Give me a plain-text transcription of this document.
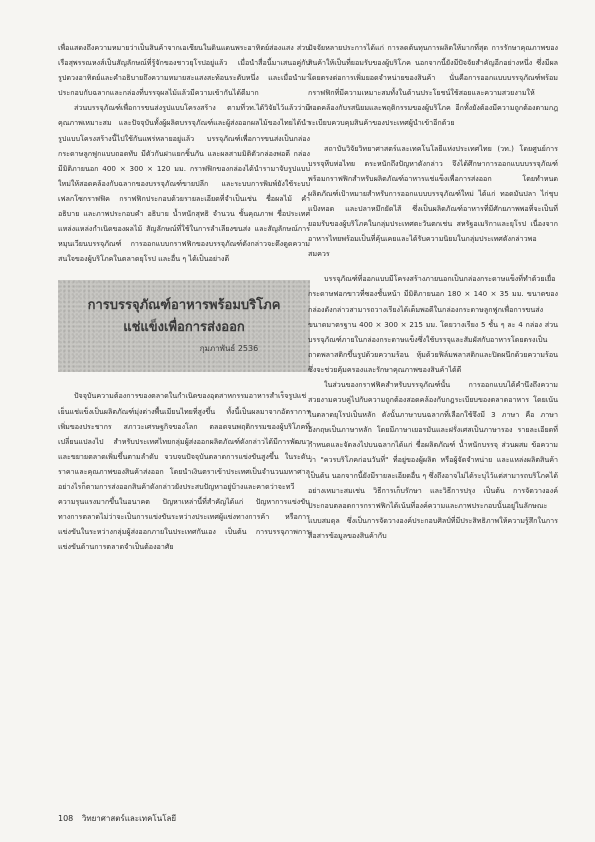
เพื่อแสดงถึงความหมายว่าเป็นสินค้าจากเอเชียนในดินแดนพระอาทิตย์ส่องแสง ส่วนเรือสุพรรณหงส์เป็นสัญลักษณ์ที่รู้จักของชาวยุโรปอยู่แล้ว เมื่อนำสื่อนี้มาเสนอคู่กับรูปดวงอาทิตย์และคำอธิบายถึงความหมายสะแสงสะท้อนระดับหนึ่ง และเมื่อนำมาประกอบกับฉลากและกล่องที่บรรจุผลไม้แล้วมีความเข้ากันได้ดีมาก

ส่วนบรรจุภัณฑ์เพื่อการขนส่งรูปแบบโครงสร้าง ตามที่วท.ได้วิจัยไว้แล้วว่ามีคุณภาพเหมาะสม และปัจจุบันทั้งผู้ผลิตบรรจุภัณฑ์และผู้ส่งออกผลไม้ของไทยได้นำรูปแบบโครงสร้างนี้ไปใช้กันแพร่หลายอยู่แล้ว บรรจุภัณฑ์เพื่อการขนส่งเป็นกล่องกระดาษลูกฟูกแบบถอดทับ มีตัวกันฝาแยกชิ้นกัน และผลสามมิติตัวกล่องพอดี กล่องมีมิติภายนอก 400 × 300 × 120 มม. กราฟฟิกของกล่องได้นำรามาจับรูปแบบใหม่ให้สอดคล้องกับฉลากของบรรจุภัณฑ์ขายปลีก และระบบการพิมพ์ยังใช้ระบบเฟลกโซกราฟฟิค กราฟฟิกประกอบด้วยรายละเอียดที่จำเป็นเช่น ชื่อผลไม้ คำอธิบาย และภาพประกอบคำ อธิบาย น้ำหนักสุทธิ จำนวน ชั้นคุณภาพ ชื่อประเทศแหล่งแหล่งกำเนิดของผลไม้ สัญลักษณ์ที่ใช้ในการลำเลียงขนส่ง และสัญลักษณ์การหมุนเวียนบรรจุภัณฑ์ การออกแบบกราฟฟิกของบรรจุภัณฑ์ดังกล่าวจะดึงดูดความสนใจของผู้บริโภคในตลาดยุโรป และอื่น ๆ ได้เป็นอย่างดี

การบรรจุภัณฑ์อาหารพร้อมบริโภค
แช่แข็งเพื่อการส่งออก
กุมภาพันธ์ 2536

ปัจจุบันความต้องการของตลาดในกำเนิดของอุตสาหกรรมอาหารสำเร็จรูปแช่เย็นแช่แข็งเป็นผลิตภัณฑ์มุ่งต่างพื้นเมียนไทยที่สูงขึ้น ทั้งนี้เป็นผลมาจากอัตราการเพิ่มของประชากร สภาวะเศรษฐกิจของโลก ตลอดจนพฤติกรรมของผู้บริโภคที่เปลี่ยนแปลงไป สำหรับประเทศไทยกลุ่มผู้ส่งออกผลิตภัณฑ์ดังกล่าวได้มีการพัฒนาและขยายตลาดเพิ่มขึ้นตามลำดับ จวบจนปัจจุบันตลาดการแข่งขันสูงขึ้น ในระดับราคาและคุณภาพของสินค้าส่งออก โดยนำเงินตราเข้าประเทศเป็นจำนวนมหาศาล อย่างไรก็ตามการส่งออกสินค้าดังกล่าวยังประสบปัญหาอยู่บ้างและคาดว่าจะทวีความรุนแรงมากขึ้นในอนาคต ปัญหาเหล่านี้ที่สำคัญได้แก่ ปัญหาการแข่งขันทางการตลาดไม่ว่าจะเป็นการแข่งขันระหว่างประเทศผู้แข่งทางการค้า หรือการแข่งขันในระหว่างกลุ่มผู้ส่งออกภายในประเทศกันเอง เป็นต้น การบรรจุภาพการแข่งขันด้านการตลาดจำเป็นต้องอาศัย

ปัจจัยหลายประการได้แก่ การลดต้นทุนการผลิตให้มากที่สุด การรักษาคุณภาพของสินค้าให้เป็นที่ยอมรับของผู้บริโภค นอกจากนี้ยังมีปัจจัยสำคัญอีกอย่างหนึ่ง ซึ่งมีผลโดยตรงต่อการเพิ่มยอดจำหน่ายของสินค้า นั่นคือการออกแบบบรรจุภัณฑ์พร้อมกราฟฟิกที่มีความเหมาะสมทั้งในด้านประโยชน์ใช้สอยและความสวยงามให้สอดคล้องกับรสนิยมและพฤติกรรมของผู้บริโภค อีกทั้งยังต้องมีความถูกต้องตามกฎระเบียบควบคุมสินค้าของประเทศผู้นำเข้าอีกด้วย

สถาบันวิจัยวิทยาศาสตร์และเทคโนโลยีแห่งประเทศไทย (วท.) โดยศูนย์การบรรจุหีบห่อไทย ตระหนักถึงปัญหาดังกล่าว จึงได้ศึกษาการออกแบบบรรจุภัณฑ์พร้อมกราฟฟิกสำหรับผลิตภัณฑ์อาหารแช่แข็งเพื่อการส่งออก โดยทำหนดผลิตภัณฑ์เป้าหมายสำหรับการออกแบบบรรจุภัณฑ์ใหม่ ได้แก่ ทอดมันปลา ไก่ชุบแป้งทอด และปลาหมึกยัดไส้ ซึ่งเป็นผลิตภัณฑ์อาหารที่มีศักยภาพพอที่จะเป็นที่ยอมรับของผู้บริโภคในกลุ่มประเทศตะวันตกเช่น สหรัฐอเมริกาและยุโรป เนื่องจากอาหารไทยพร้อมเป็นที่คุ้นเคยและได้รับความนิยมในกลุ่มประเทศดังกล่าวพอสมควร

บรรจุภัณฑ์ที่ออกแบบมีโครงสร้างภายนอกเป็นกล่องกระดาษแข็งที่ทำด้วยเยื่อกระดาษฟอกขาวที่ซองชั้นหน้า มีมิติภายนอก 180 × 140 × 35 มม. ขนาดของกล่องดังกล่าวสามารถวางเรียงได้เต็มพอดีในกล่องกระดาษลูกฟูกเพื่อการขนส่งขนาดมาตรฐาน 400 × 300 × 215 มม. โดยวางเรียง 5 ชั้น ๆ ละ 4 กล่อง ส่วนบรรจุภัณฑ์ภายในกล่องกระดาษแข็งซึ่งใช้บรรจุและสัมผัสกับอาหารโดยตรงเป็นถาดพลาสติกขึ้นรูปด้วยความร้อน หุ้มด้วยฟิล์มพลาสติกและปิดผนึกด้วยความร้อน ซึ่งจะช่วยคุ้มครองและรักษาคุณภาพของสินค้าได้ดี

ในส่วนของกราฟฟิคสำหรับบรรจุภัณฑ์นั้น การออกแบบได้คำนึงถึงความสวยงามควบคู่ไปกับความถูกต้องสอดคล้องกับกฎระเบียบของตลาดอาหาร โดยเน้นในตลาดยุโรปเป็นหลัก ดังนั้นภาษาบนฉลากที่เลือกใช้จึงมี 3 ภาษา คือ ภาษาอังกฤษเป็นภาษาหลัก โดยมีภาษาเยอรมันและฝรั่งเศสเป็นภาษารอง รายละเอียดที่กำหนดและจัดลงไปบนฉลากได้แก่ ชื่อผลิตภัณฑ์ น้ำหนักบรรจุ ส่วนผสม ข้อความว่า "ควรบริโภคก่อนวันที่" ที่อยู่ของผู้ผลิต หรือผู้จัดจำหน่าย และแหล่งผลิตสินค้า เป็นต้น นอกจากนี้ยังมีรายละเอียดอื่น ๆ ซึ่งถึงอาจไม่ได้ระบุไว้แต่สามารถบริโภคได้อย่างเหมาะสมเช่น วิธีการเก็บรักษา และวิธีการปรุง เป็นต้น การจัดวางองค์ประกอบตลอดการกราฟฟิกได้เน้นที่องค์ความและภาพประกอบนั้นอยู่ในลักษณะแบบสมดุล ซึ่งเป็นการจัดวางองค์ประกอบศิลป์ที่มีประสิทธิภาพให้ความรู้สึกในการสื่อสารข้อมูลของสินค้ากับ

108 วิทยาศาสตร์และเทคโนโลยี
